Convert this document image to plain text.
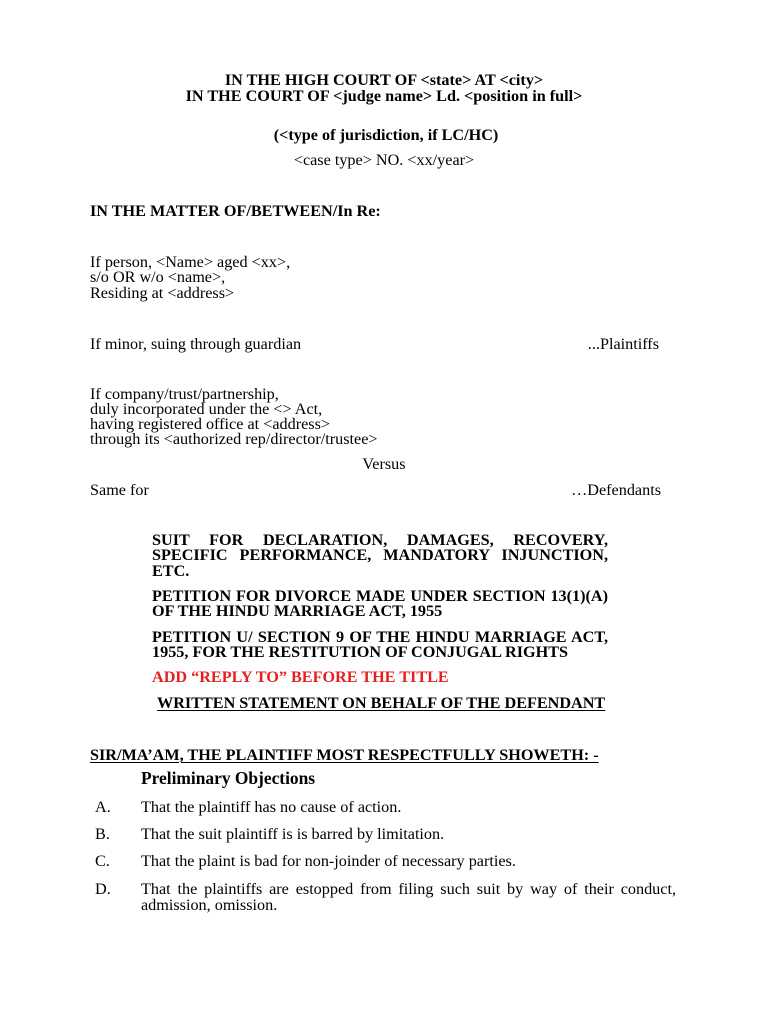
IN THE HIGH COURT OF <state> AT <city>
IN THE COURT OF <judge name> Ld. <position in full>
(<type of jurisdiction, if LC/HC)
<case type> NO. <xx/year>
IN THE MATTER OF/BETWEEN/In Re:
If person, <Name> aged <xx>,
s/o OR w/o <name>,
Residing at <address>
If minor, suing through guardian	...Plaintiffs
If company/trust/partnership,
duly incorporated under the <> Act,
having registered office at <address>
through its <authorized rep/director/trustee>
Versus
Same for	…Defendants
SUIT FOR DECLARATION, DAMAGES, RECOVERY,
SPECIFIC PERFORMANCE, MANDATORY INJUNCTION,
ETC.
PETITION FOR DIVORCE MADE UNDER SECTION 13(1)(A)
OF THE HINDU MARRIAGE ACT, 1955
PETITION U/ SECTION 9 OF THE HINDU MARRIAGE ACT,
1955, FOR THE RESTITUTION OF CONJUGAL RIGHTS
ADD “REPLY TO” BEFORE THE TITLE
WRITTEN STATEMENT ON BEHALF OF THE DEFENDANT
SIR/MA’AM, THE PLAINTIFF MOST RESPECTFULLY SHOWETH: -
Preliminary Objections
A. That the plaintiff has no cause of action.
B. That the suit plaintiff is is barred by limitation.
C. That the plaint is bad for non-joinder of necessary parties.
D. That the plaintiffs are estopped from filing such suit by way of their conduct,
admission, omission.
